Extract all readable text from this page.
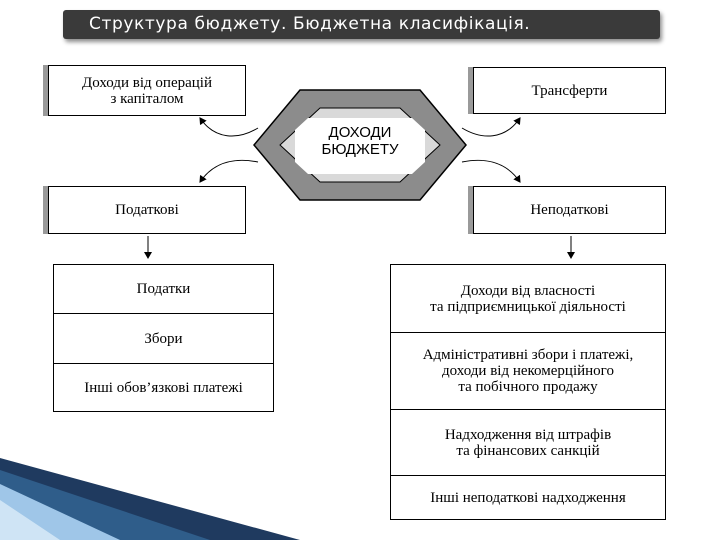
Структура бюджету. Бюджетна класифікація.
ДОХОДИ
БЮДЖЕТУ
Доходи від операцій
з капіталом	Трансферти
Податкові	Неподаткові
Податки
Збори
Інші обов’язкові платежі
Доходи від власності
та підприємницької діяльності
Адміністративні збори і платежі,
доходи від некомерційного
та побічного продажу
Надходження від штрафів
та фінансових санкцій
Інші неподаткові надходження
